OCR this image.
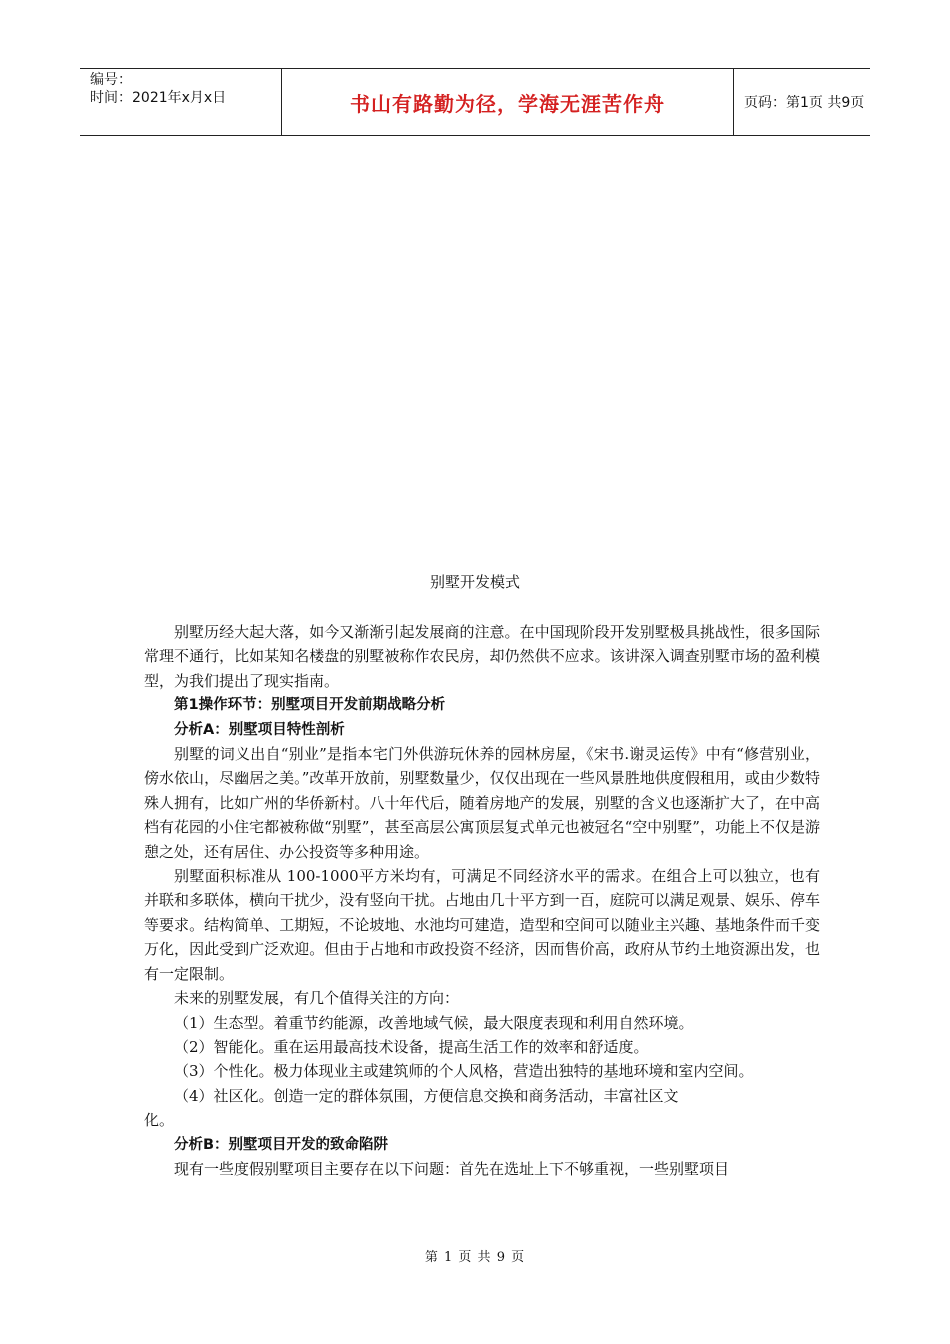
编号：
时间：2021年x月x日	书山有路勤为径，学海无涯苦作舟	页码：第1页 共9页
别墅开发模式

别墅历经大起大落，如今又渐渐引起发展商的注意。在中国现阶段开发别墅极具挑战性，很多国际常理不通行，比如某知名楼盘的别墅被称作农民房，却仍然供不应求。该讲深入调查别墅市场的盈利模型，为我们提出了现实指南。

第1操作环节：别墅项目开发前期战略分析

分析A：别墅项目特性剖析

别墅的词义出自“别业”是指本宅门外供游玩休养的园林房屋，《宋书.谢灵运传》中有“修营别业，傍水依山，尽幽居之美。”改革开放前，别墅数量少，仅仅出现在一些风景胜地供度假租用，或由少数特殊人拥有，比如广州的华侨新村。八十年代后，随着房地产的发展，别墅的含义也逐渐扩大了，在中高档有花园的小住宅都被称做“别墅”，甚至高层公寓顶层复式单元也被冠名“空中别墅”，功能上不仅是游憩之处，还有居住、办公投资等多种用途。

别墅面积标准从 100-1000平方米均有，可满足不同经济水平的需求。在组合上可以独立，也有并联和多联体，横向干扰少，没有竖向干扰。占地由几十平方到一百，庭院可以满足观景、娱乐、停车等要求。结构简单、工期短，不论坡地、水池均可建造，造型和空间可以随业主兴趣、基地条件而千变万化，因此受到广泛欢迎。但由于占地和市政投资不经济，因而售价高，政府从节约土地资源出发，也有一定限制。

未来的别墅发展，有几个值得关注的方向：

（1）生态型。着重节约能源，改善地域气候，最大限度表现和利用自然环境。

（2）智能化。重在运用最高技术设备，提高生活工作的效率和舒适度。

（3）个性化。极力体现业主或建筑师的个人风格，营造出独特的基地环境和室内空间。

（4）社区化。创造一定的群体氛围，方便信息交换和商务活动，丰富社区文

化。

分析B：别墅项目开发的致命陷阱

现有一些度假别墅项目主要存在以下问题：首先在选址上下不够重视，一些别墅项目

第 1 页 共 9 页
